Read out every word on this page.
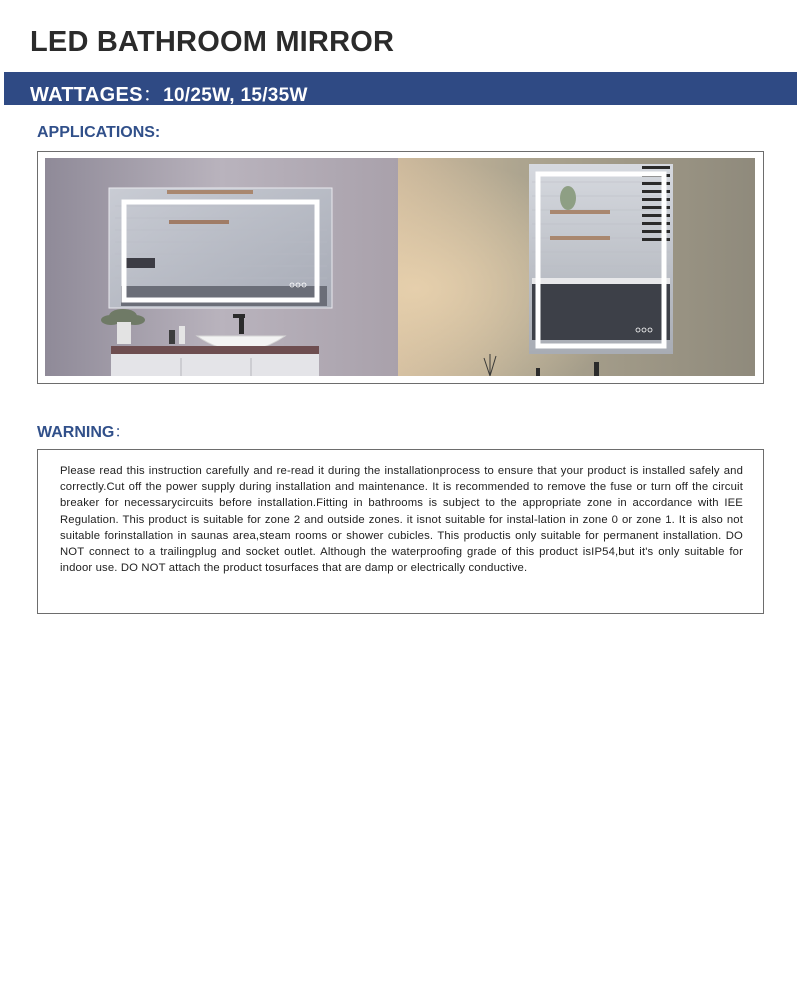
LED BATHROOM MIRROR
WATTAGES：10/25W, 15/35W
APPLICATIONS:
WARNING：
Please read this instruction carefully and re-read it during the installationprocess to ensure that your product is installed safely and correctly.Cut off the power supply during installation and maintenance. It is recommended to remove the fuse or turn off the circuit breaker for necessarycircuits before installation.Fitting in bathrooms is subject to the appropriate zone in accordance with IEE Regulation. This product is suitable for zone 2 and outside zones. it isnot suitable for instal-lation in zone 0 or zone 1. It is also not suitable forinstallation in saunas area,steam rooms or shower cubicles. This productis only suitable for permanent installation. DO NOT connect to a trailingplug and socket outlet. Although the waterproofing grade of this product isIP54,but it's only suitable for indoor use. DO NOT attach the product tosurfaces that are damp or electrically conductive.
